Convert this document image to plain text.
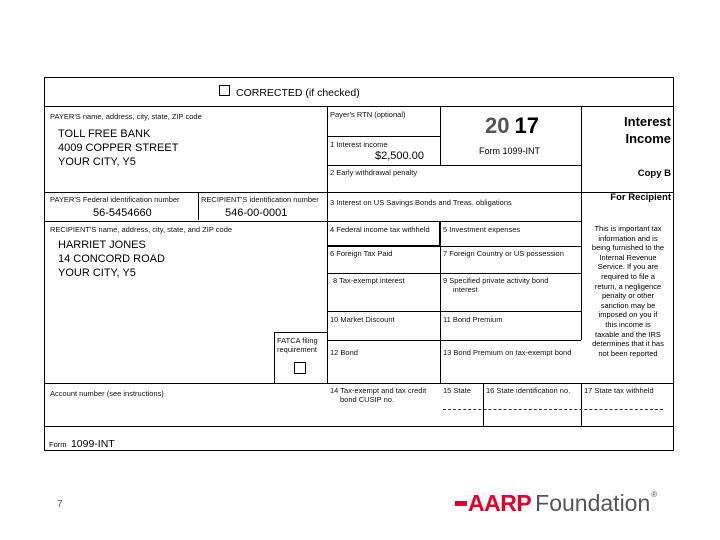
CORRECTED (if checked)
PAYER'S name, address, city, state, ZIP code
TOLL FREE BANK
4009 COPPER STREET
YOUR CITY, Y5
Payer's RTN (optional)	20 17
Form 1099-INT
Interest
Income
Copy B
For Recipient
1 Interest income
$2,500.00
2 Early withdrawal penalty
3 Interest on US Savings Bonds and Treas. obligations
PAYER'S Federal identification number
56-5454660
RECIPIENT'S identification number
546-00-0001
RECIPIENT'S name, address, city, state, and ZIP code
HARRIET JONES
14 CONCORD ROAD
YOUR CITY, Y5
4 Federal income tax withheld 5 Investment expenses
6 Foreign Tax Paid	7 Foreign Country or US possession
8 Tax-exempt interest	9 Specified private activity bond
interest
10 Market Discount	11 Bond Premium
12 Bond	13 Bond Premium on tax-exempt bond
FATCA filing
requirement
This is important tax
information and is
being furnished to the
Internal Revenue
Service. If you are
required to file a
return, a negligence
penalty or other
sanction may be
imposed on you if
this income is
taxable and the IRS
determines that it has
not been reported
Account number (see instructions)	14 Tax-exempt and tax credit
bond CUSIP no.
15 State 16 State identification no. 17 State tax withheld
Form 1099-INT
7	AARP Foundation ®
